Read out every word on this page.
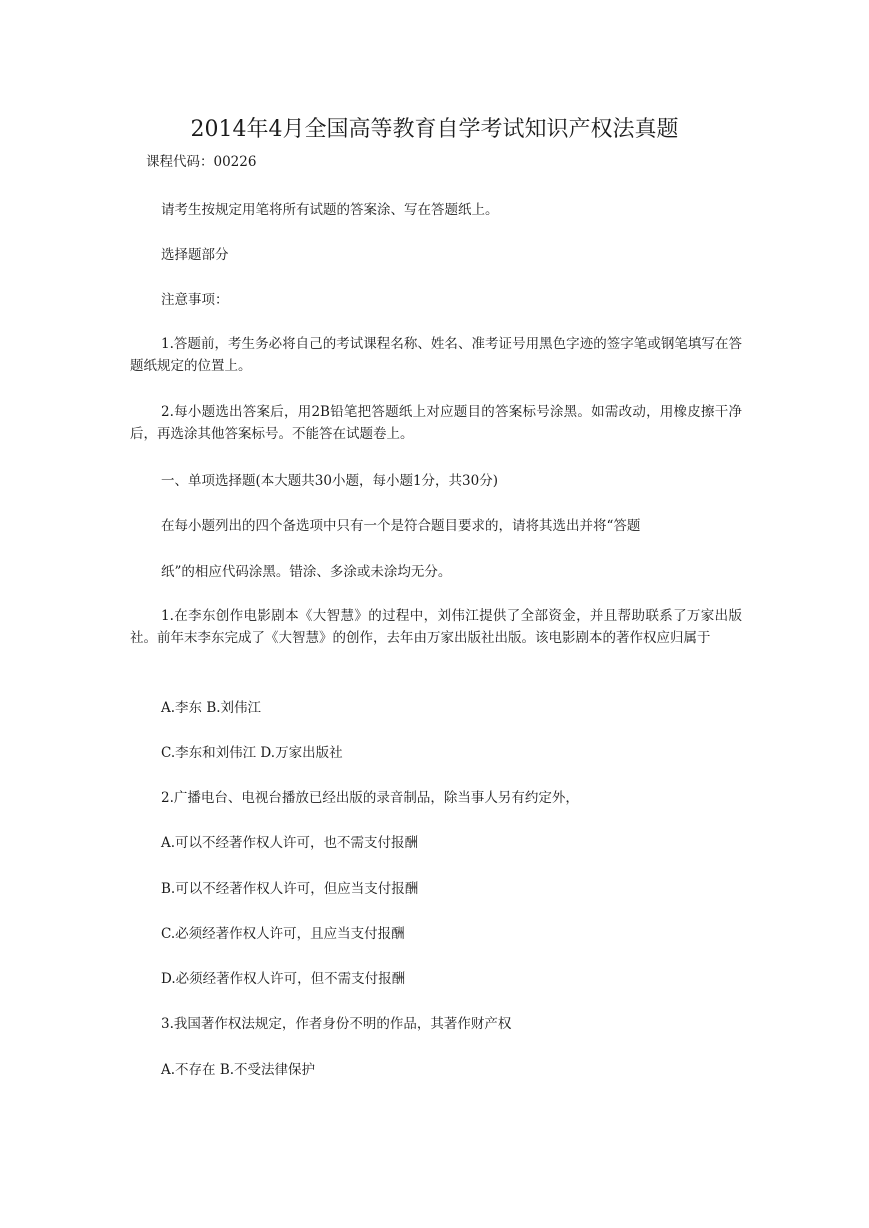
2014年4月全国高等教育自学考试知识产权法真题
课程代码：00226
请考生按规定用笔将所有试题的答案涂、写在答题纸上。
选择题部分
注意事项：
1.答题前，考生务必将自己的考试课程名称、姓名、准考证号用黑色字迹的签字笔或钢笔填写在答题纸规定的位置上。
2.每小题选出答案后，用2B铅笔把答题纸上对应题目的答案标号涂黑。如需改动，用橡皮擦干净后，再选涂其他答案标号。不能答在试题卷上。
一、单项选择题(本大题共30小题，每小题1分，共30分)
在每小题列出的四个备选项中只有一个是符合题目要求的，请将其选出并将“答题
纸”的相应代码涂黑。错涂、多涂或未涂均无分。
1.在李东创作电影剧本《大智慧》的过程中，刘伟江提供了全部资金，并且帮助联系了万家出版社。前年末李东完成了《大智慧》的创作，去年由万家出版社出版。该电影剧本的著作权应归属于
A.李东 B.刘伟江
C.李东和刘伟江 D.万家出版社
2.广播电台、电视台播放已经出版的录音制品，除当事人另有约定外，
A.可以不经著作权人许可，也不需支付报酬
B.可以不经著作权人许可，但应当支付报酬
C.必须经著作权人许可，且应当支付报酬
D.必须经著作权人许可，但不需支付报酬
3.我国著作权法规定，作者身份不明的作品，其著作财产权
A.不存在 B.不受法律保护
